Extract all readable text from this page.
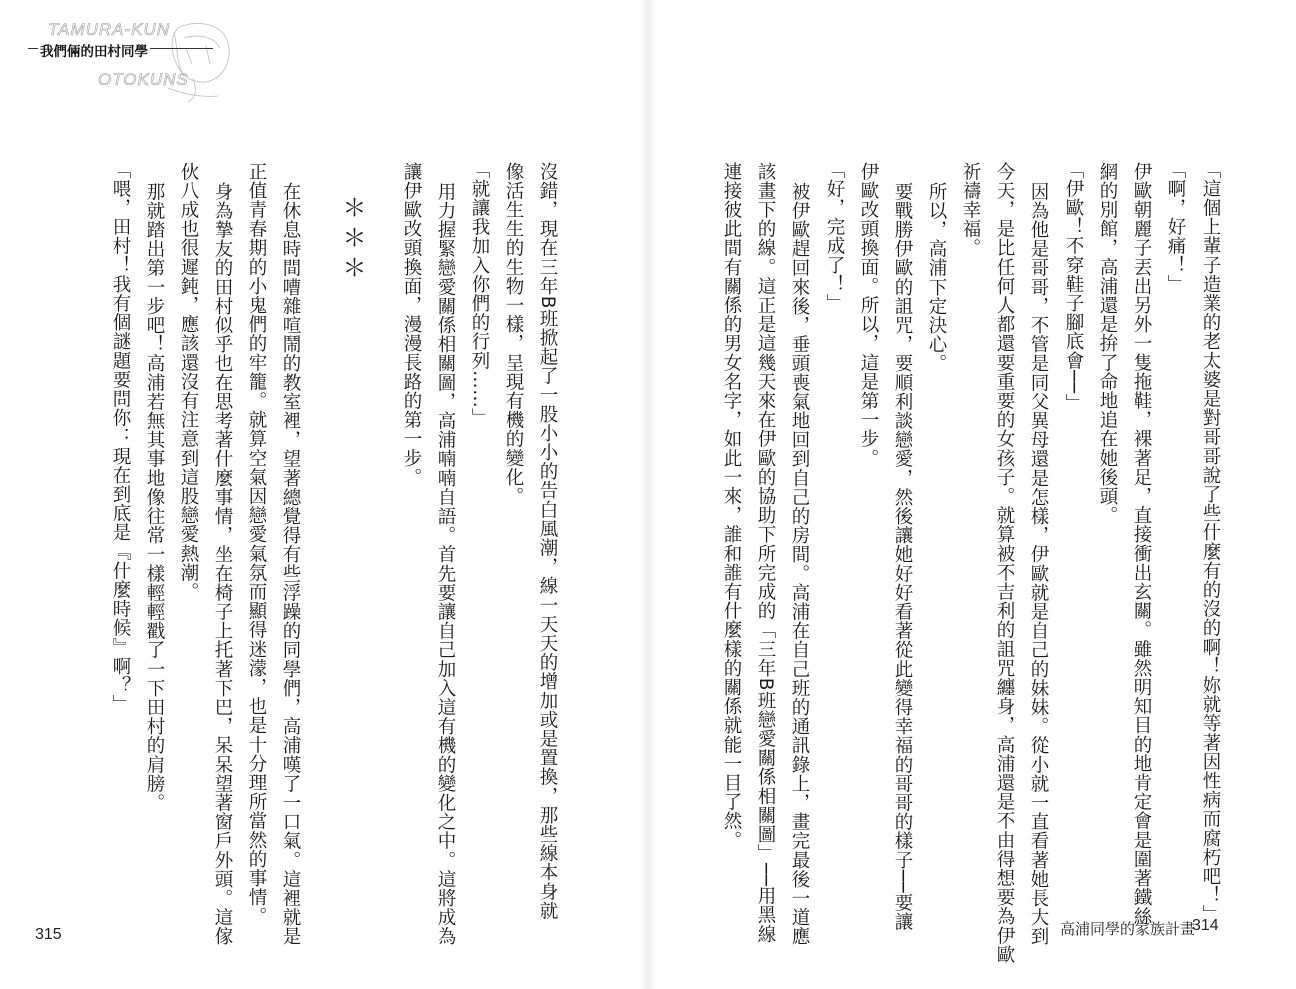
TAMURA-KUN
OTOKUNS
我們倆的田村同學
「這個上輩子造業的老太婆是對哥哥說了些什麼有的沒的啊！妳就等著因性病而腐朽吧！」
「啊，好痛！」
伊歐朝麗子丟出另外一隻拖鞋，裸著足，直接衝出玄關。雖然明知目的地肯定會是圍著鐵絲
網的別館，高浦還是拚了命地追在她後頭。
「伊歐！不穿鞋子腳底會──」
因為他是哥哥，不管是同父異母還是怎樣，伊歐就是自己的妹妹。從小就一直看著她長大到
今天，是比任何人都還要重要的女孩子。就算被不吉利的詛咒纏身，高浦還是不由得想要為伊歐
祈禱幸福。
所以，高浦下定決心。
要戰勝伊歐的詛咒，要順利談戀愛，然後讓她好好看著從此變得幸福的哥哥的樣子──要讓
伊歐改頭換面。所以，這是第一步。
「好，完成了！」
被伊歐趕回來後，垂頭喪氣地回到自己的房間。高浦在自己班的通訊錄上，畫完最後一道應
該畫下的線。這正是這幾天來在伊歐的協助下所完成的「三年B班戀愛關係相關圖」──用黑線
連接彼此間有關係的男女名字，如此一來，誰和誰有什麼樣的關係就能一目了然。
沒錯，現在三年B班掀起了一股小小的告白風潮，線一天天的增加或是置換，那些線本身就
像活生生的生物一樣，呈現有機的變化。
「就讓我加入你們的行列……」
用力握緊戀愛關係相關圖，高浦喃喃自語。首先要讓自己加入這有機的變化之中。這將成為
讓伊歐改頭換面，漫漫長路的第一步。
＊＊＊
在休息時間嘈雜喧鬧的教室裡，望著總覺得有些浮躁的同學們，高浦嘆了一口氣。這裡就是
正值青春期的小鬼們的牢籠。就算空氣因戀愛氣氛而顯得迷濛，也是十分理所當然的事情。
身為摯友的田村似乎也在思考著什麼事情，坐在椅子上托著下巴，呆呆望著窗戶外頭。這傢
伙八成也很遲鈍，應該還沒有注意到這股戀愛熱潮。
那就踏出第一步吧！高浦若無其事地像往常一樣輕輕戳了一下田村的肩膀。
「喂，田村！我有個謎題要問你：現在到底是『什麼時候』啊？」
315	高浦同學的家族計畫
314
